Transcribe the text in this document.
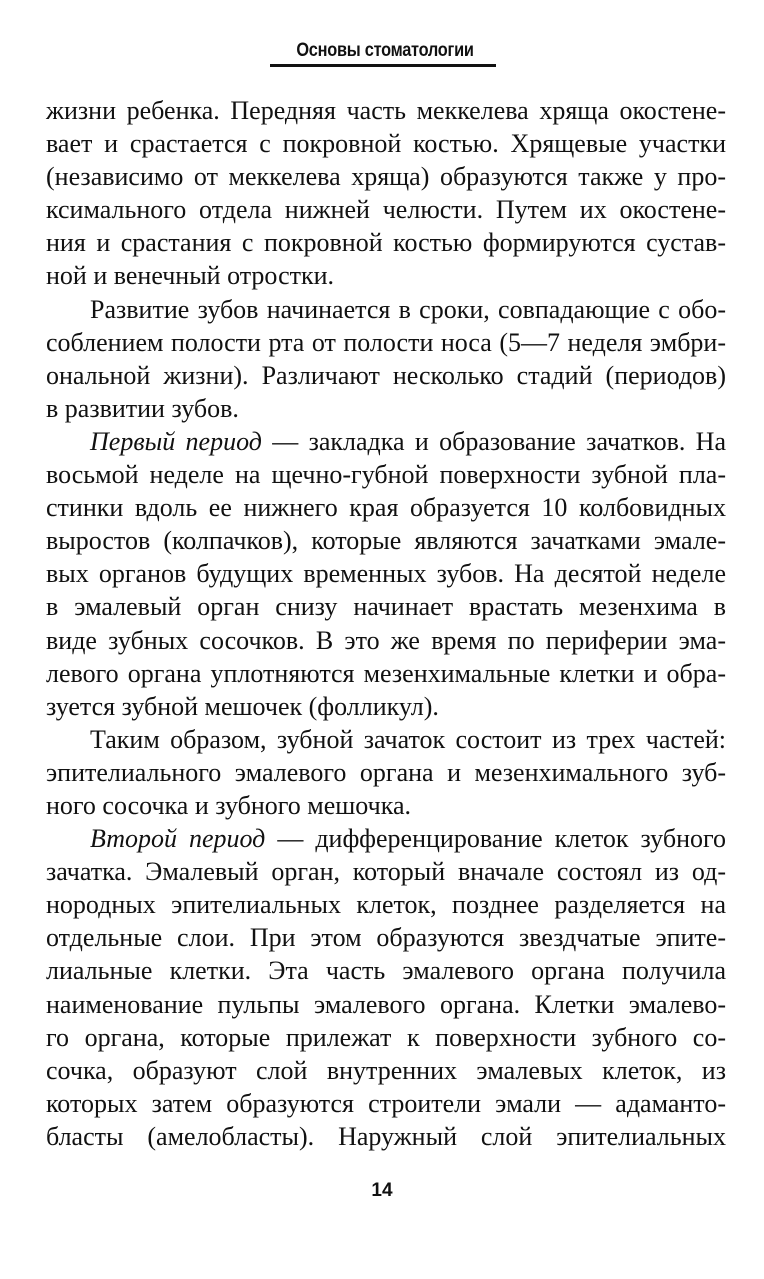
Основы стоматологии

жизни ребенка. Передняя часть меккелева хряща окостене-
вает и срастается с покровной костью. Хрящевые участки
(независимо от меккелева хряща) образуются также у про-
ксимального отдела нижней челюсти. Путем их окостене-
ния и срастания с покровной костью формируются сустав-
ной и венечный отростки.

Развитие зубов начинается в сроки, совпадающие с обо-
соблением полости рта от полости носа (5—7 неделя эмбри-
ональной жизни). Различают несколько стадий (периодов)
в развитии зубов.

Первый период — закладка и образование зачатков. На
восьмой неделе на щечно-губной поверхности зубной пла-
стинки вдоль ее нижнего края образуется 10 колбовидных
выростов (колпачков), которые являются зачатками эмале-
вых органов будущих временных зубов. На десятой неделе
в эмалевый орган снизу начинает врастать мезенхима в
виде зубных сосочков. В это же время по периферии эма-
левого органа уплотняются мезенхимальные клетки и обра-
зуется зубной мешочек (фолликул).

Таким образом, зубной зачаток состоит из трех частей:
эпителиального эмалевого органа и мезенхимального зуб-
ного сосочка и зубного мешочка.

Второй период — дифференцирование клеток зубного
зачатка. Эмалевый орган, который вначале состоял из од-
нородных эпителиальных клеток, позднее разделяется на
отдельные слои. При этом образуются звездчатые эпите-
лиальные клетки. Эта часть эмалевого органа получила
наименование пульпы эмалевого органа. Клетки эмалево-
го органа, которые прилежат к поверхности зубного со-
сочка, образуют слой внутренних эмалевых клеток, из
которых затем образуются строители эмали — адаманто-
бласты (амелобласты). Наружный слой эпителиальных

14
